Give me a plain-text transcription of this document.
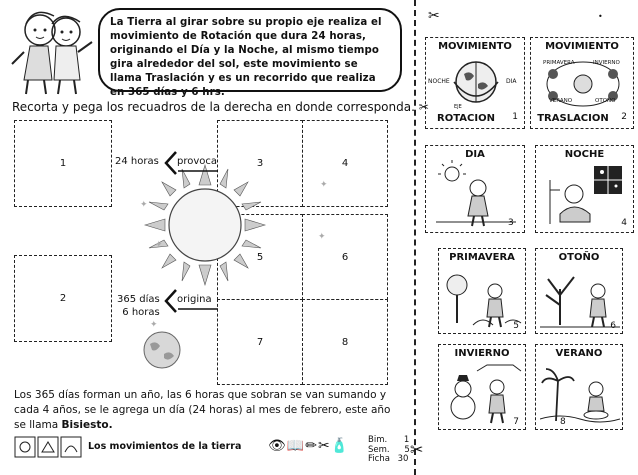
La Tierra al girar sobre su propio eje realiza el movimiento de Rotación que dura 24 horas, originando el Día y la Noche, al mismo tiempo gira alrededor del sol, este movimiento se llama Traslación y es un recorrido que realiza en 365 días y 6 hrs.
Recorta y pega los recuadros de la derecha en donde corresponda. ✂
1
2
3	4
5	6
7	8
✦
✦
✦
✦
✦
24 horas provoca
365 días
6 horas
origina
Los 365 días forman un año, las 6 horas que sobran se van sumando y cada 4 años, se le agrega un día (24 horas) al mes de febrero, este año se llama Bisiesto.
Los movimientos de la tierra 👁📖✏✂🧴 Bim. 1
Sem. 5
Ficha 30 ✂
✂	•
MOVIMIENTO
NOCHE	DIA
EJE
ROTACION	1
MOVIMIENTO
PRIMAVERA	INVIERNO
VERANO	OTOÑO
TRASLACION	2
DIA
3
NOCHE
4
PRIMAVERA
5
OTOÑO
6
INVIERNO
7
VERANO
8
